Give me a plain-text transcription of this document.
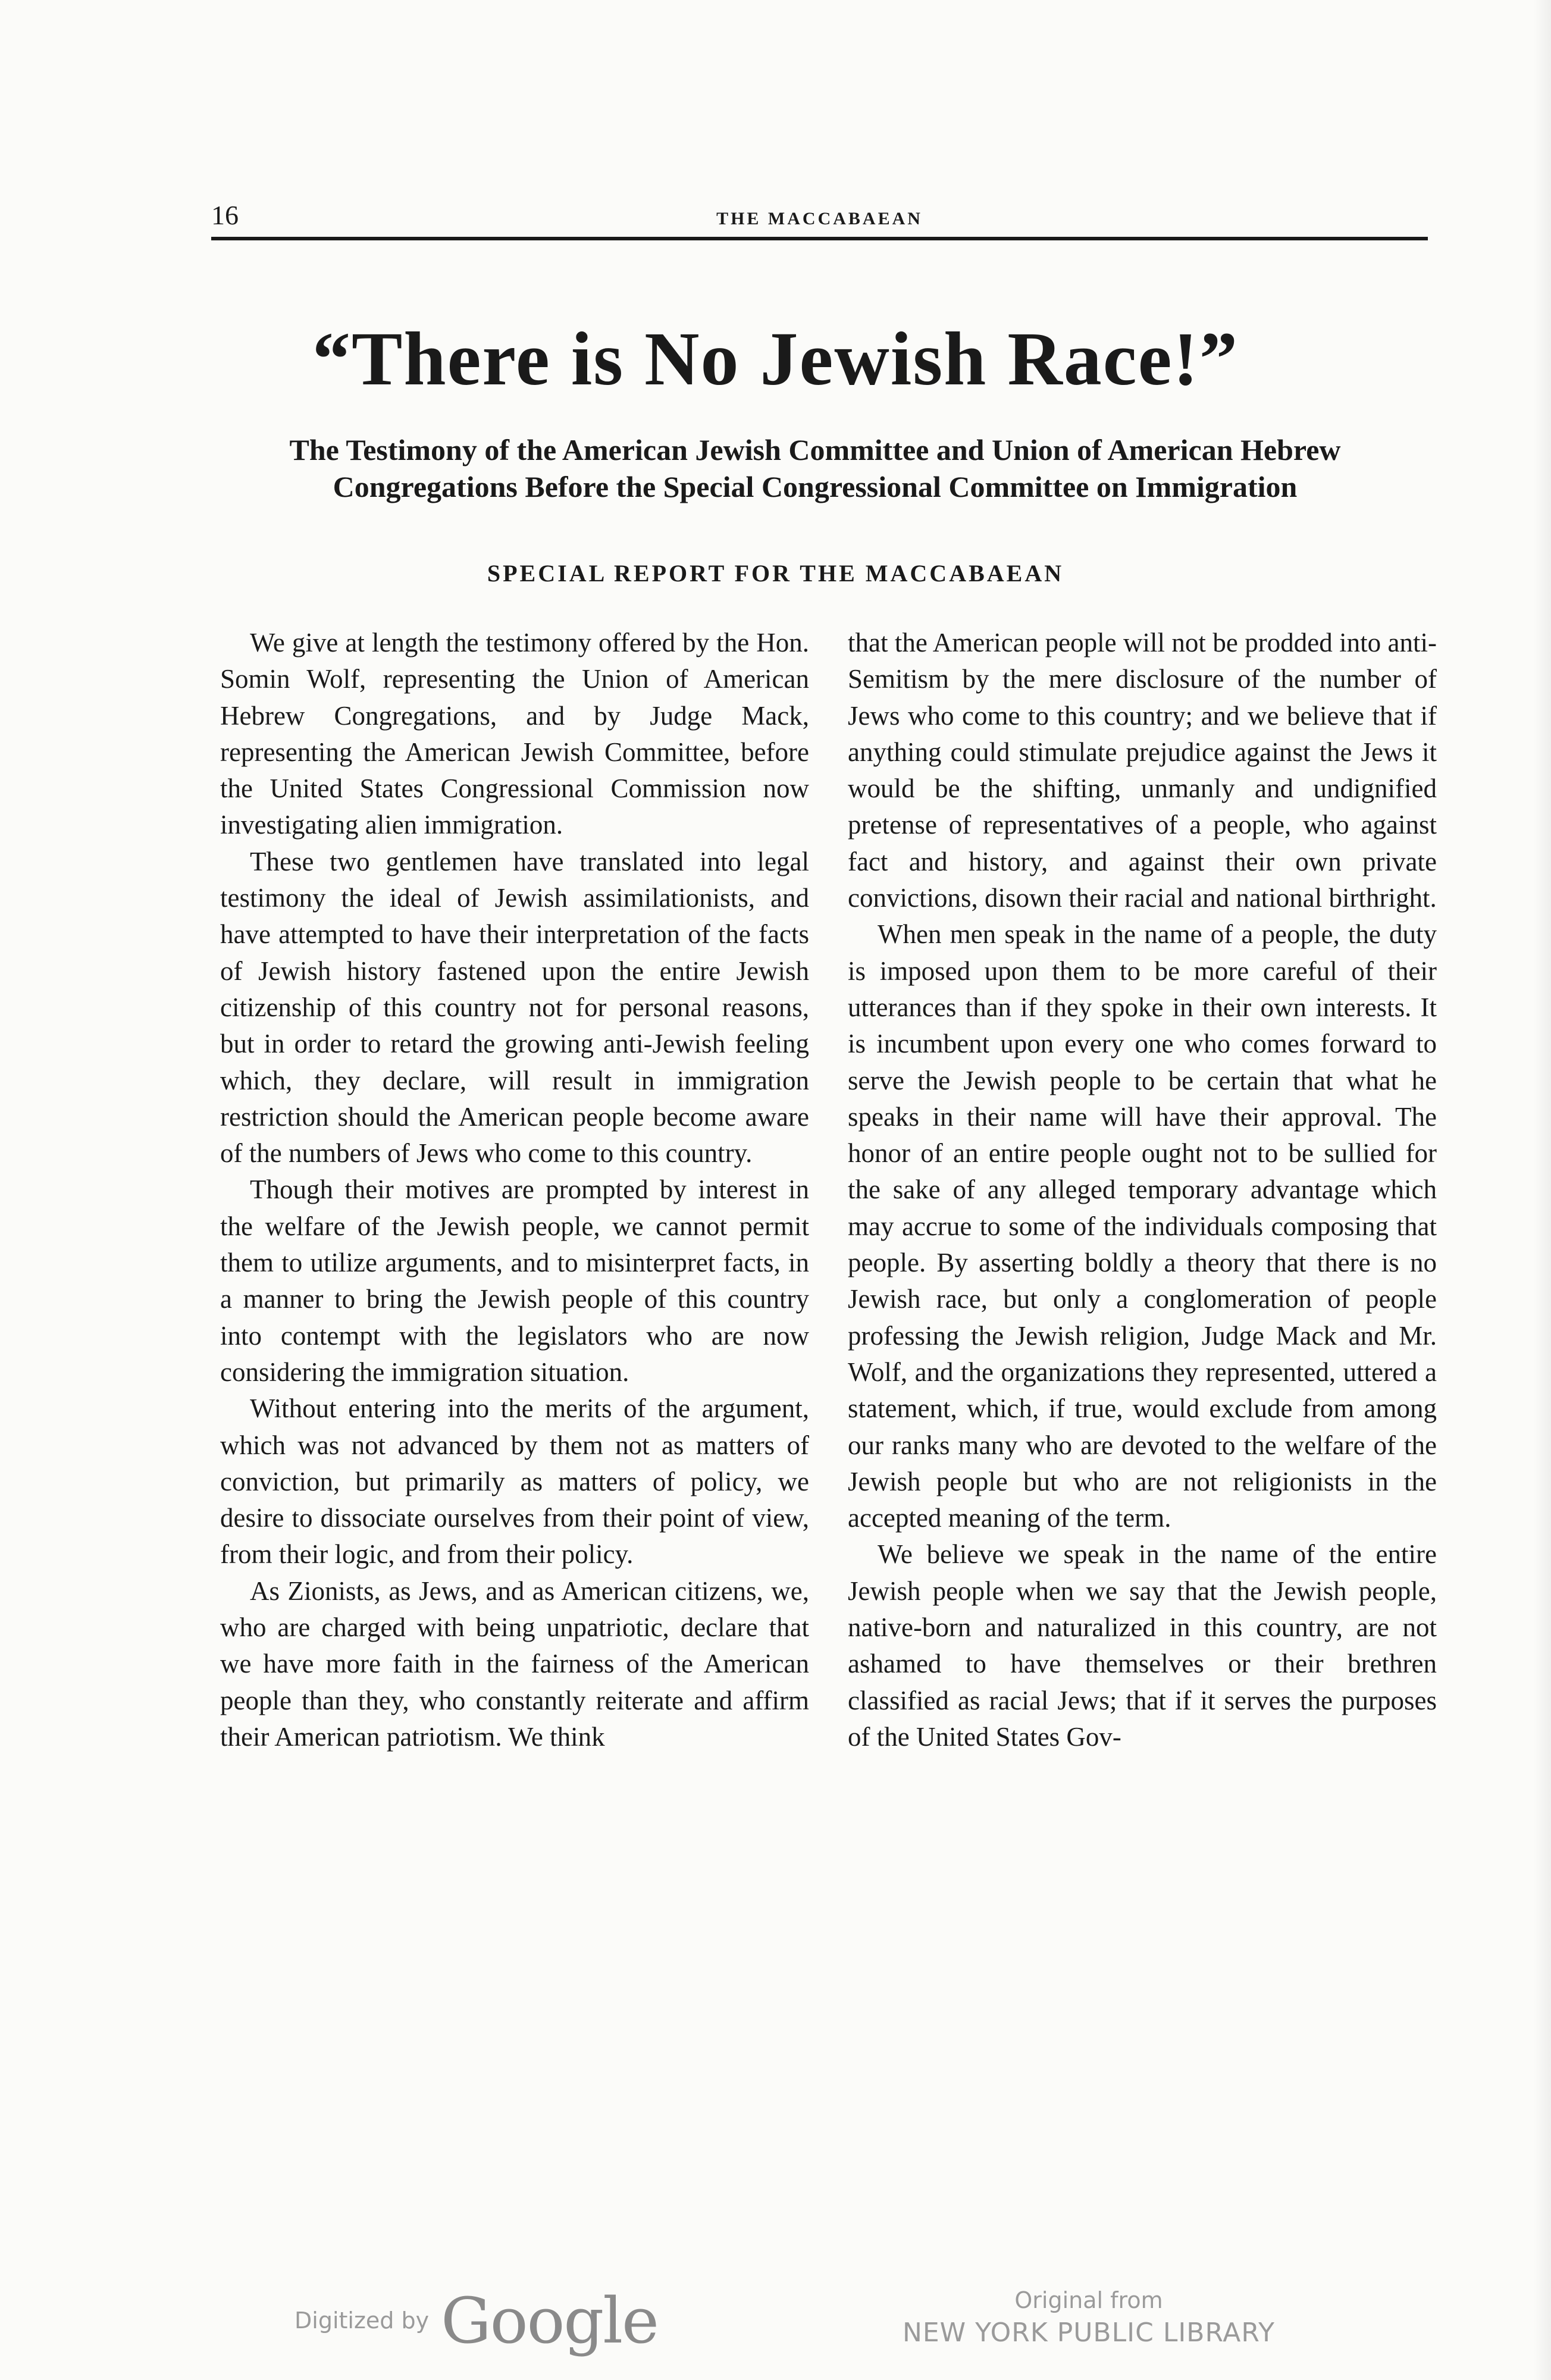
16	THE MACCABAEAN
“There is No Jewish Race!”
The Testimony of the American Jewish Committee and Union of American Hebrew Congregations Before the Special Congressional Committee on Immigration
SPECIAL REPORT FOR THE MACCABAEAN

We give at length the testimony offered by the Hon. Somin Wolf, representing the Union of American Hebrew Congregations, and by Judge Mack, representing the American Jewish Committee, before the United States Congressional Commission now investigating alien immigration.

These two gentlemen have translated into legal testimony the ideal of Jewish assimilationists, and have attempted to have their interpretation of the facts of Jewish history fastened upon the entire Jewish citizenship of this country not for personal reasons, but in order to retard the growing anti-Jewish feeling which, they declare, will result in immigration restriction should the American people become aware of the numbers of Jews who come to this country.

Though their motives are prompted by interest in the welfare of the Jewish people, we cannot permit them to utilize arguments, and to misinterpret facts, in a manner to bring the Jewish people of this country into contempt with the legislators who are now considering the immigration situation.

Without entering into the merits of the argument, which was not advanced by them not as matters of conviction, but primarily as matters of policy, we desire to dissociate ourselves from their point of view, from their logic, and from their policy.

As Zionists, as Jews, and as American citizens, we, who are charged with being unpatriotic, declare that we have more faith in the fairness of the American people than they, who constantly reiterate and affirm their American patriotism. We think

that the American people will not be prodded into anti-Semitism by the mere disclosure of the number of Jews who come to this country; and we believe that if anything could stimulate prejudice against the Jews it would be the shifting, unmanly and undignified pretense of representatives of a people, who against fact and history, and against their own private convictions, disown their racial and national birthright.

When men speak in the name of a people, the duty is imposed upon them to be more careful of their utterances than if they spoke in their own interests. It is incumbent upon every one who comes forward to serve the Jewish people to be certain that what he speaks in their name will have their approval. The honor of an entire people ought not to be sullied for the sake of any alleged temporary advantage which may accrue to some of the individuals composing that people. By asserting boldly a theory that there is no Jewish race, but only a conglomeration of people professing the Jewish religion, Judge Mack and Mr. Wolf, and the organizations they represented, uttered a statement, which, if true, would exclude from among our ranks many who are devoted to the welfare of the Jewish people but who are not religionists in the accepted meaning of the term.

We believe we speak in the name of the entire Jewish people when we say that the Jewish people, native-born and naturalized in this country, are not ashamed to have themselves or their brethren classified as racial Jews; that if it serves the purposes of the United States Gov-

Digitized by Google	Original from
NEW YORK PUBLIC LIBRARY
